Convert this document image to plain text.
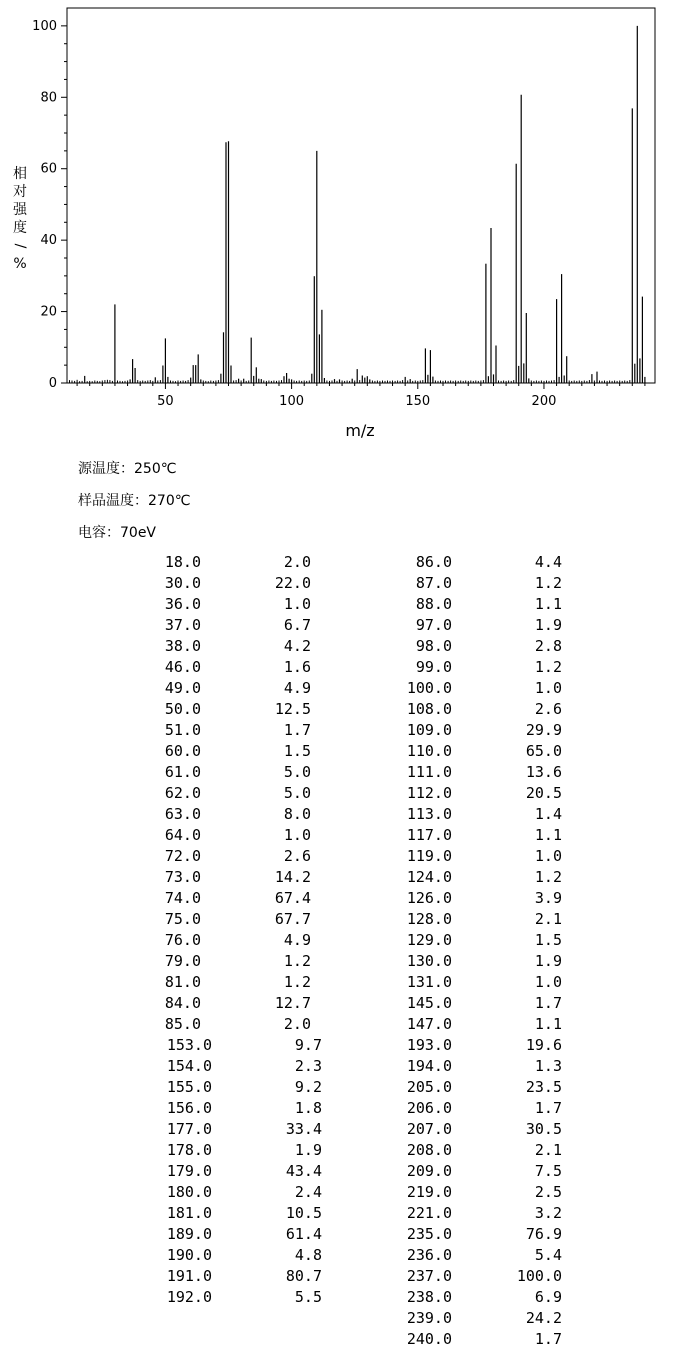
50	100	150	200
0
20
40
60
80
100
m/z
相
对
强
度
/
%
源温度：250℃
样品温度：270℃
电容：70eV
18.0	2.0
30.0	22.0
36.0	1.0
37.0	6.7
38.0	4.2
46.0	1.6
49.0	4.9
50.0	12.5
51.0	1.7
60.0	1.5
61.0	5.0
62.0	5.0
63.0	8.0
64.0	1.0
72.0	2.6
73.0	14.2
74.0	67.4
75.0	67.7
76.0	4.9
79.0	1.2
81.0	1.2
84.0	12.7
85.0	2.0
153.0	9.7
154.0	2.3
155.0	9.2
156.0	1.8
177.0	33.4
178.0	1.9
179.0	43.4
180.0	2.4
181.0	10.5
189.0	61.4
190.0	4.8
191.0	80.7
192.0	5.5
86.0	4.4
87.0	1.2
88.0	1.1
97.0	1.9
98.0	2.8
99.0	1.2
100.0	1.0
108.0	2.6
109.0	29.9
110.0	65.0
111.0	13.6
112.0	20.5
113.0	1.4
117.0	1.1
119.0	1.0
124.0	1.2
126.0	3.9
128.0	2.1
129.0	1.5
130.0	1.9
131.0	1.0
145.0	1.7
147.0	1.1
193.0	19.6
194.0	1.3
205.0	23.5
206.0	1.7
207.0	30.5
208.0	2.1
209.0	7.5
219.0	2.5
221.0	3.2
235.0	76.9
236.0	5.4
237.0	100.0
238.0	6.9
239.0	24.2
240.0	1.7
